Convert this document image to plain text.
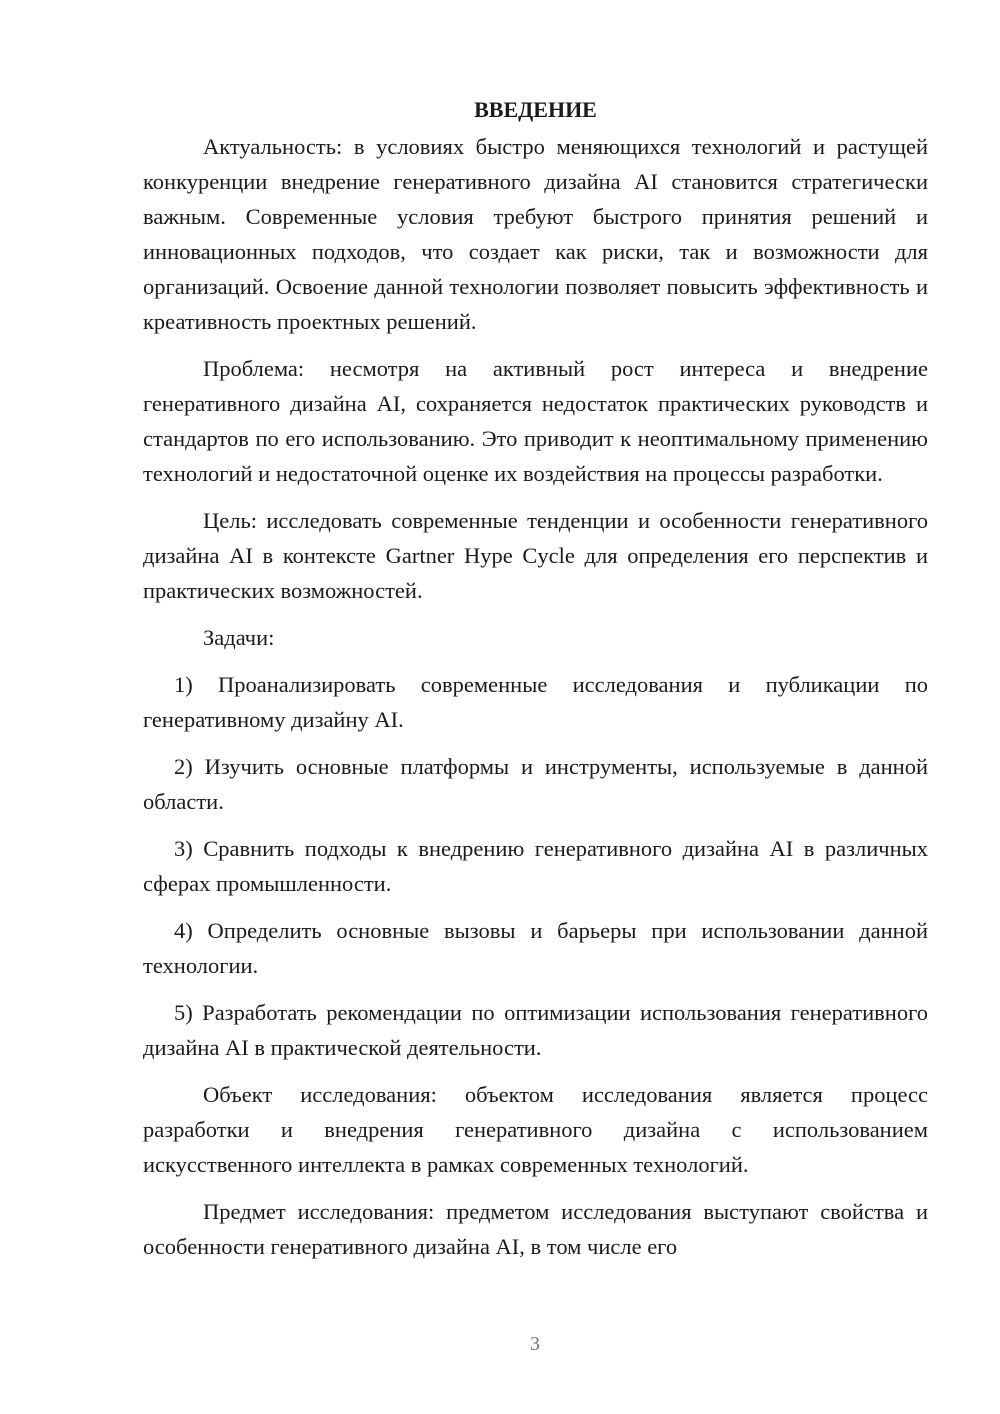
ВВЕДЕНИЕ

Актуальность: в условиях быстро меняющихся технологий и растущей конкуренции внедрение генеративного дизайна AI становится стратегически важным. Современные условия требуют быстрого принятия решений и инновационных подходов, что создает как риски, так и возможности для организаций. Освоение данной технологии позволяет повысить эффективность и креативность проектных решений.

Проблема: несмотря на активный рост интереса и внедрение генеративного дизайна AI, сохраняется недостаток практических руководств и стандартов по его использованию. Это приводит к неоптимальному применению технологий и недостаточной оценке их воздействия на процессы разработки.

Цель: исследовать современные тенденции и особенности генеративного дизайна AI в контексте Gartner Hype Cycle для определения его перспектив и практических возможностей.

Задачи:

1) Проанализировать современные исследования и публикации по генеративному дизайну AI.

2) Изучить основные платформы и инструменты, используемые в данной области.

3) Сравнить подходы к внедрению генеративного дизайна AI в различных сферах промышленности.

4) Определить основные вызовы и барьеры при использовании данной технологии.

5) Разработать рекомендации по оптимизации использования генеративного дизайна AI в практической деятельности.

Объект исследования: объектом исследования является процесс разработки и внедрения генеративного дизайна с использованием искусственного интеллекта в рамках современных технологий.

Предмет исследования: предметом исследования выступают свойства и особенности генеративного дизайна AI, в том числе его

3
